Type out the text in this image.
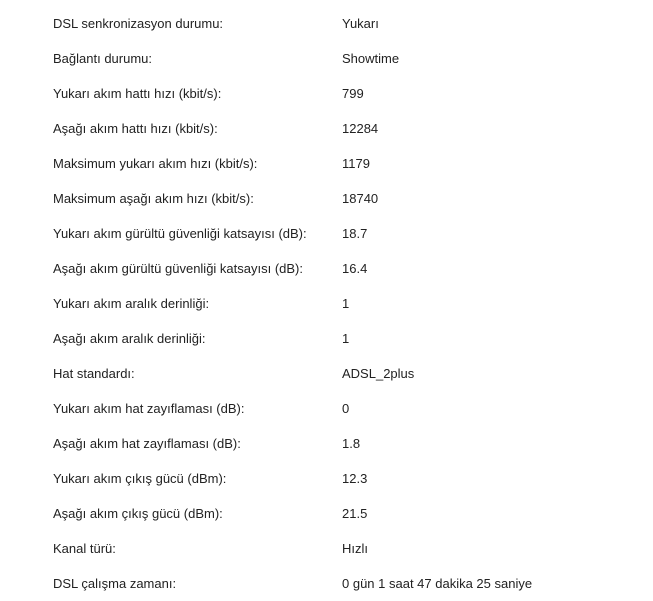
DSL senkronizasyon durumu:	Yukarı
Bağlantı durumu:	Showtime
Yukarı akım hattı hızı (kbit/s):	799
Aşağı akım hattı hızı (kbit/s):	12284
Maksimum yukarı akım hızı (kbit/s):	1179
Maksimum aşağı akım hızı (kbit/s):	18740
Yukarı akım gürültü güvenliği katsayısı (dB):	18.7
Aşağı akım gürültü güvenliği katsayısı (dB):	16.4
Yukarı akım aralık derinliği:	1
Aşağı akım aralık derinliği:	1
Hat standardı:	ADSL_2plus
Yukarı akım hat zayıflaması (dB):	0
Aşağı akım hat zayıflaması (dB):	1.8
Yukarı akım çıkış gücü (dBm):	12.3
Aşağı akım çıkış gücü (dBm):	21.5
Kanal türü:	Hızlı
DSL çalışma zamanı:	0 gün 1 saat 47 dakika 25 saniye
